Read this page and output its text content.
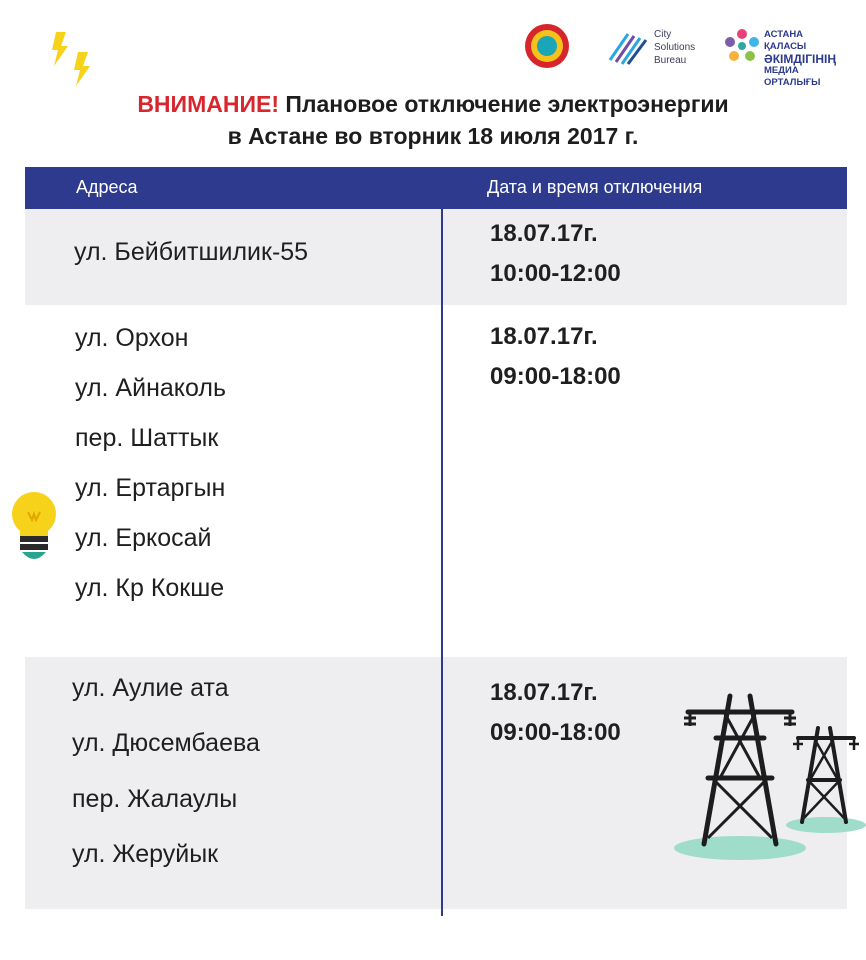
City
Solutions
Bureau
АСТАНА ҚАЛАСЫ
ӘКІМДІГІНІҢ
МЕДИА ОРТАЛЫҒЫ
ВНИМАНИЕ! Плановое отключение электроэнергии
в Астане во вторник 18 июля 2017 г.
Адреса	Дата и время отключения
ул. Бейбитшилик-55
18.07.17г.
10:00-12:00
ул. Орхон
ул. Айнаколь
пер. Шаттык
ул. Ертаргын
ул. Еркосай
ул. Кр Кокше
18.07.17г.
09:00-18:00
ул. Аулие ата
ул. Дюсембаева
пер. Жалаулы
ул. Жеруйык
18.07.17г.
09:00-18:00
